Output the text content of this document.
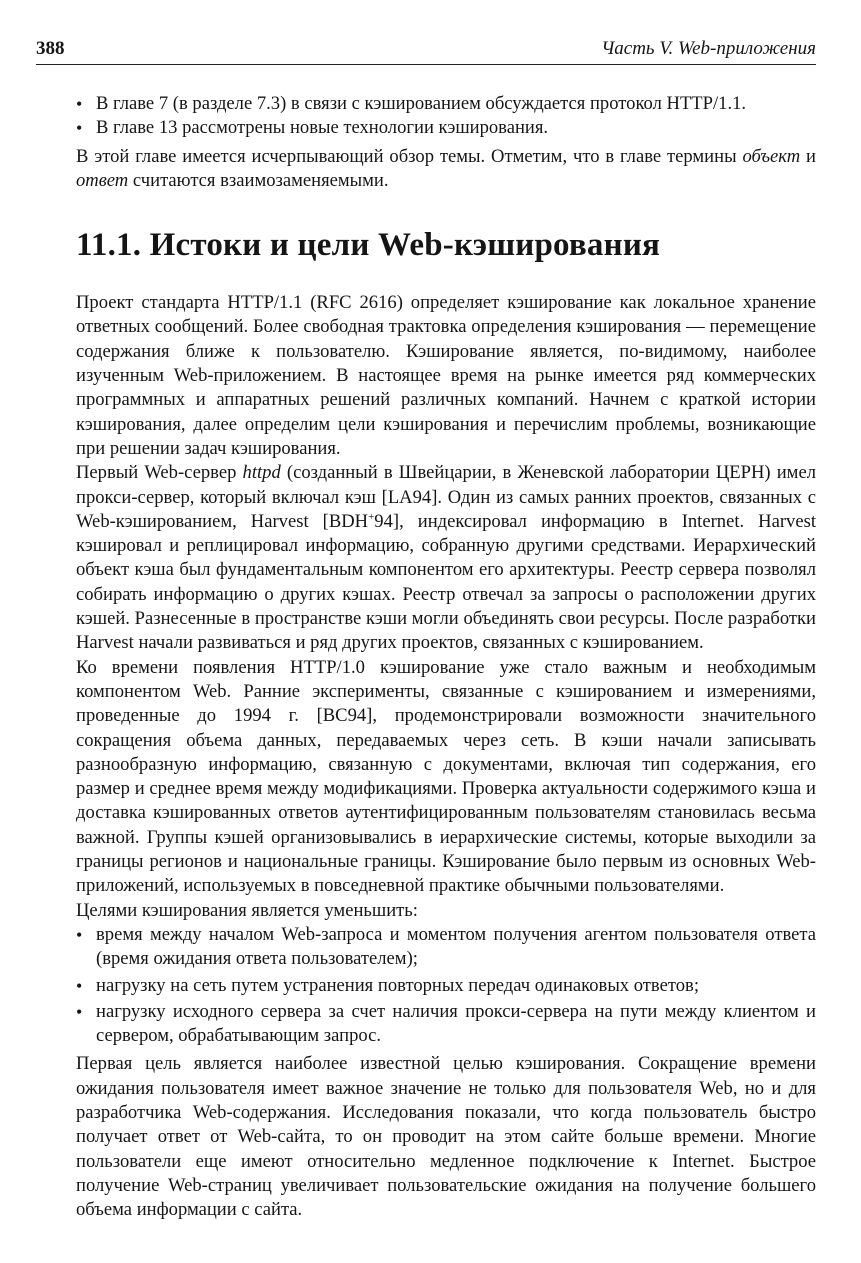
388	Часть V. Web-приложения
• В главе 7 (в разделе 7.3) в связи с кэшированием обсуждается протокол HTTP/1.1.
• В главе 13 рассмотрены новые технологии кэширования.

В этой главе имеется исчерпывающий обзор темы. Отметим, что в главе термины объект и ответ считаются взаимозаменяемыми.

11.1. Истоки и цели Web-кэширования

Проект стандарта HTTP/1.1 (RFC 2616) определяет кэширование как локальное хранение ответных сообщений. Более свободная трактовка определения кэширования — перемещение содержания ближе к пользователю. Кэширование является, по-видимому, наиболее изученным Web-приложением. В настоящее время на рынке имеется ряд коммерческих программных и аппаратных решений различных компаний. Начнем с краткой истории кэширования, далее определим цели кэширования и перечислим проблемы, возникающие при решении задач кэширования.

Первый Web-сервер httpd (созданный в Швейцарии, в Женевской лаборатории ЦЕРН) имел прокси-сервер, который включал кэш [LA94]. Один из самых ранних проектов, связанных с Web-кэшированием, Harvest [BDH+94], индексировал информацию в Internet. Harvest кэшировал и реплицировал информацию, собранную другими средствами. Иерархический объект кэша был фундаментальным компонентом его архитектуры. Реестр сервера позволял собирать информацию о других кэшах. Реестр отвечал за запросы о расположении других кэшей. Разнесенные в пространстве кэши могли объединять свои ресурсы. После разработки Harvest начали развиваться и ряд других проектов, связанных с кэшированием.

Ко времени появления HTTP/1.0 кэширование уже стало важным и необходимым компонентом Web. Ранние эксперименты, связанные с кэшированием и измерениями, проведенные до 1994 г. [BC94], продемонстрировали возможности значительного сокращения объема данных, передаваемых через сеть. В кэши начали записывать разнообразную информацию, связанную с документами, включая тип содержания, его размер и среднее время между модификациями. Проверка актуальности содержимого кэша и доставка кэшированных ответов аутентифицированным пользователям становилась весьма важной. Группы кэшей организовывались в иерархические системы, которые выходили за границы регионов и национальные границы. Кэширование было первым из основных Web-приложений, используемых в повседневной практике обычными пользователями.

Целями кэширования является уменьшить:

• время между началом Web-запроса и моментом получения агентом пользователя ответа (время ожидания ответа пользователем);
• нагрузку на сеть путем устранения повторных передач одинаковых ответов;
• нагрузку исходного сервера за счет наличия прокси-сервера на пути между клиентом и сервером, обрабатывающим запрос.

Первая цель является наиболее известной целью кэширования. Сокращение времени ожидания пользователя имеет важное значение не только для пользователя Web, но и для разработчика Web-содержания. Исследования показали, что когда пользователь быстро получает ответ от Web-сайта, то он проводит на этом сайте больше времени. Многие пользователи еще имеют относительно медленное подключение к Internet. Быстрое получение Web-страниц увеличивает пользовательские ожидания на получение большего объема информации с сайта.
